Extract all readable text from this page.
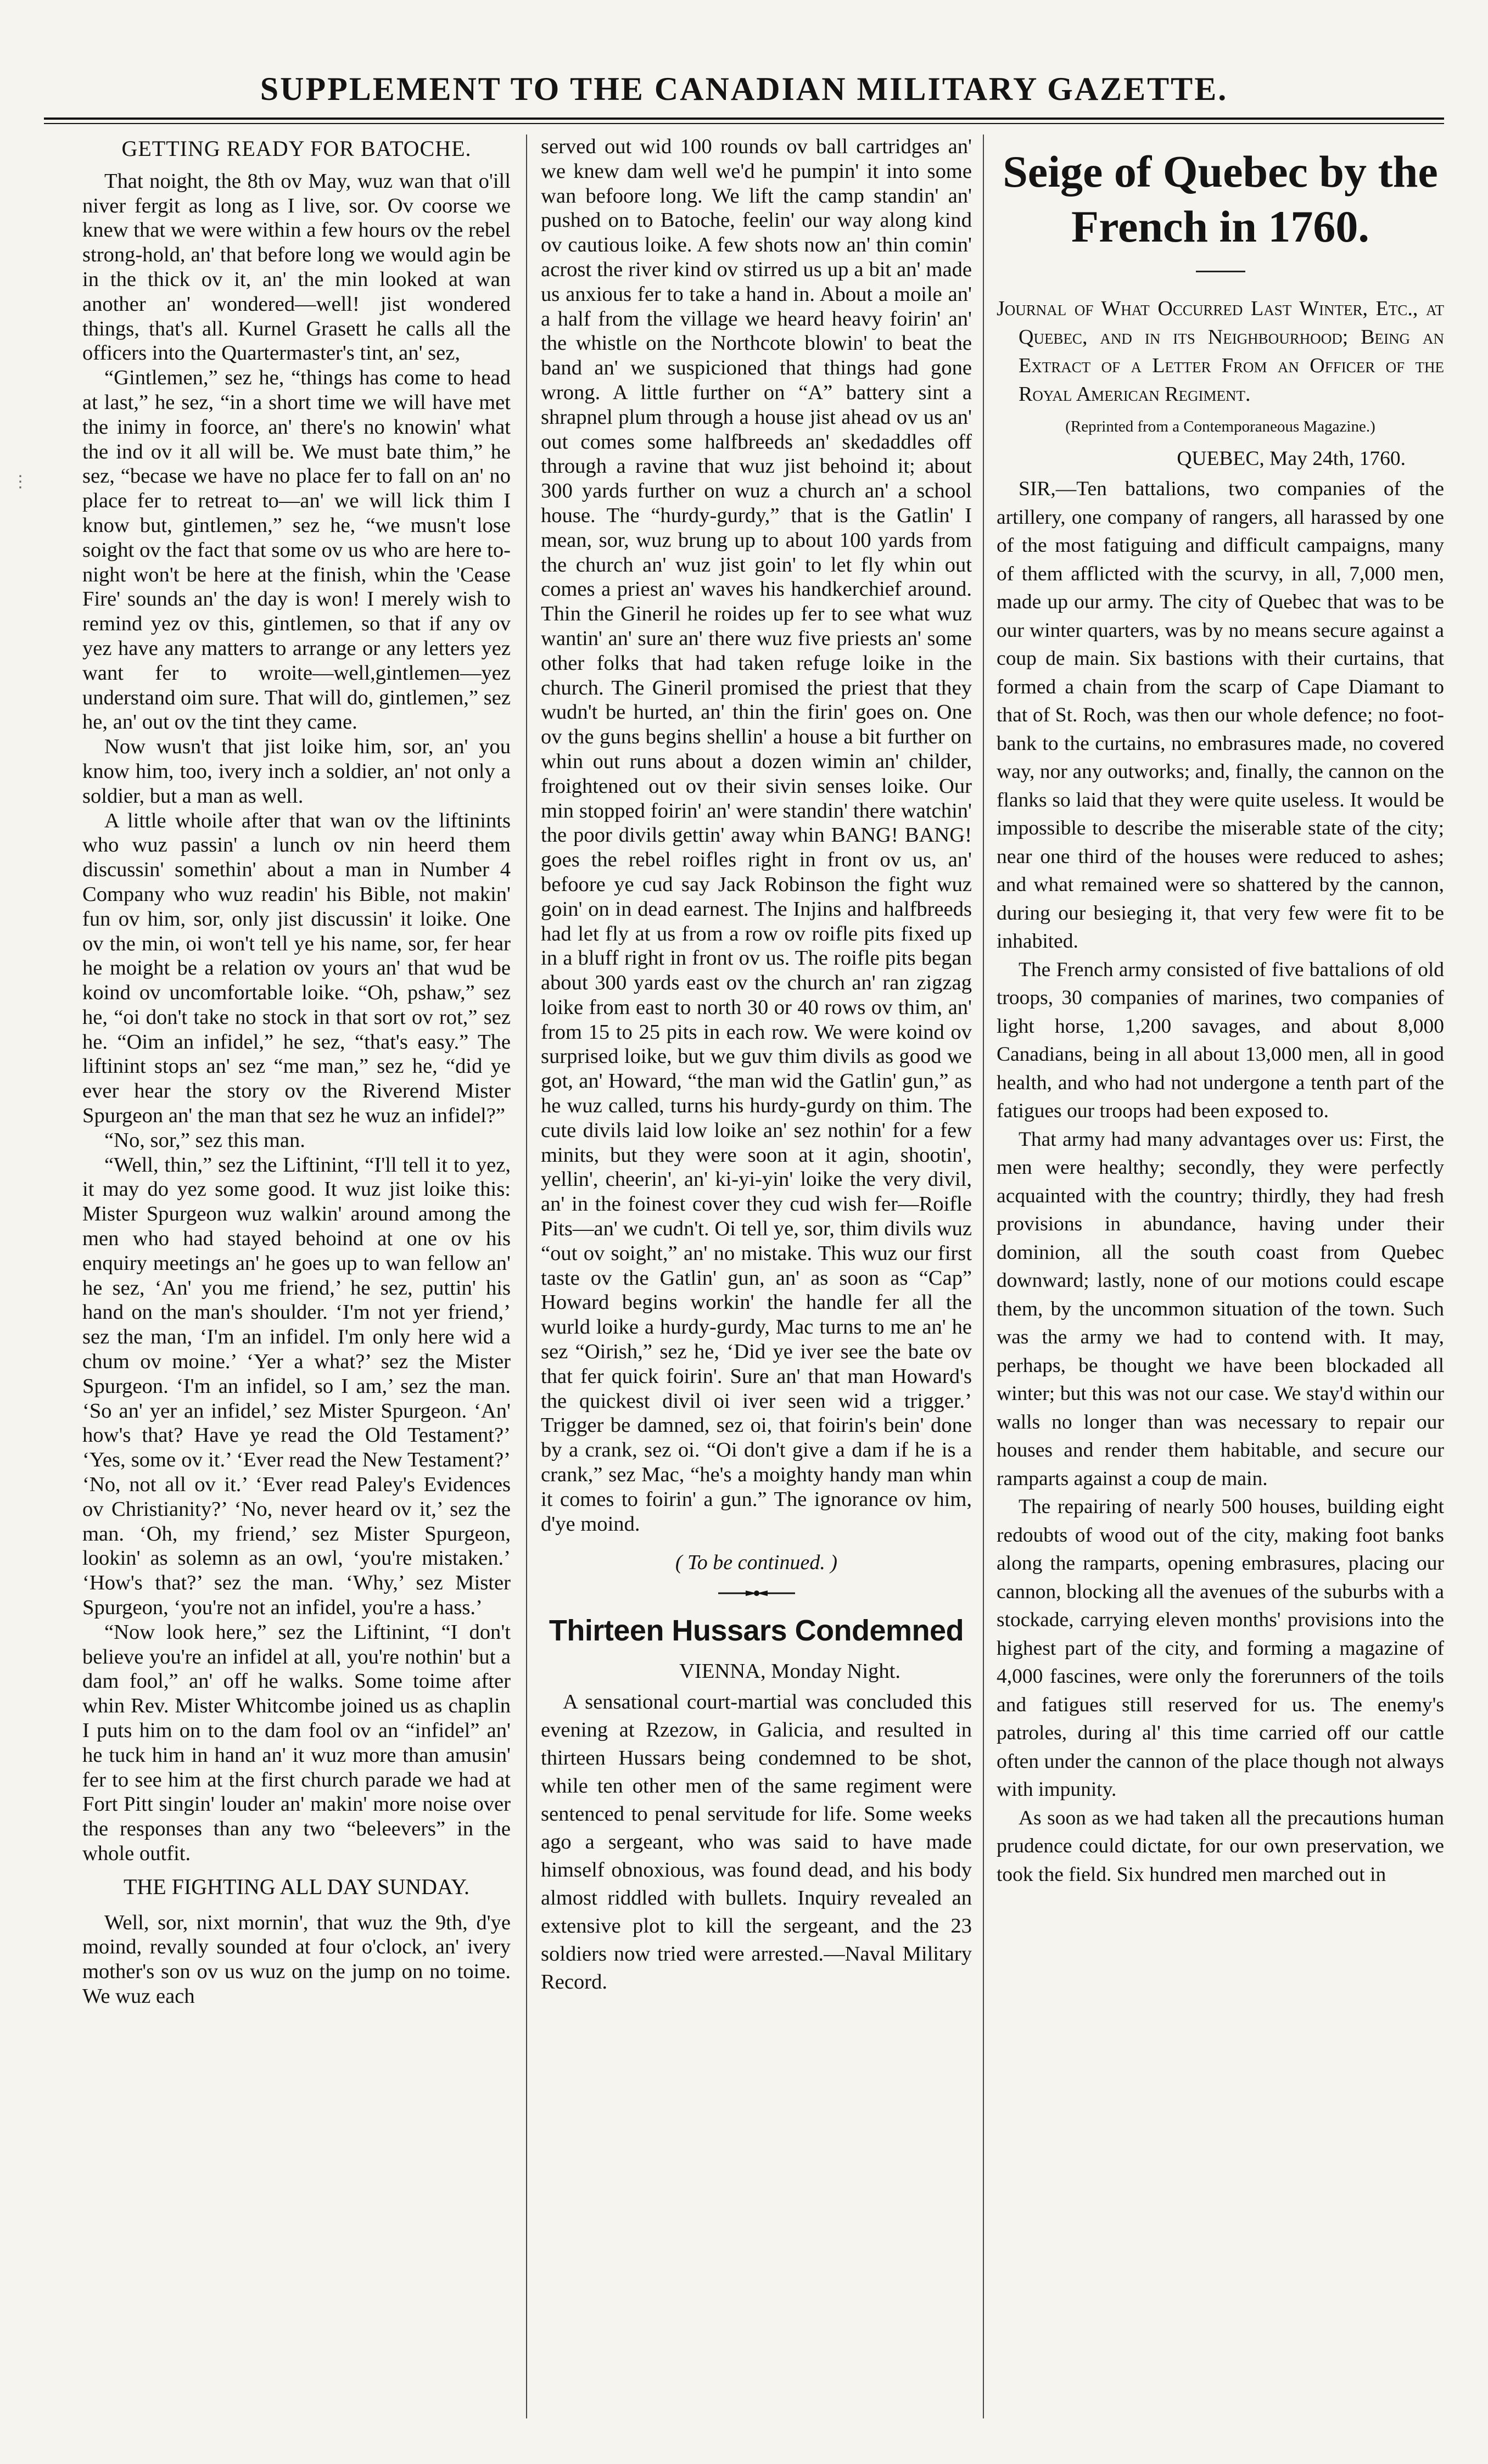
SUPPLEMENT TO THE CANADIAN MILITARY GAZETTE.
⋮
GETTING READY FOR BATOCHE.

That noight, the 8th ov May, wuz wan that o'ill niver fergit as long as I live, sor. Ov coorse we knew that we were within a few hours ov the rebel strong-hold, an' that before long we would agin be in the thick ov it, an' the min looked at wan another an' wondered—well! jist wondered things, that's all. Kurnel Grasett he calls all the officers into the Quartermaster's tint, an' sez,

“Gintlemen,” sez he, “things has come to head at last,” he sez, “in a short time we will have met the inimy in foorce, an' there's no knowin' what the ind ov it all will be. We must bate thim,” he sez, “becase we have no place fer to fall on an' no place fer to retreat to—an' we will lick thim I know but, gintlemen,” sez he, “we musn't lose soight ov the fact that some ov us who are here to-night won't be here at the finish, whin the 'Cease Fire' sounds an' the day is won! I merely wish to remind yez ov this, gintlemen, so that if any ov yez have any matters to arrange or any letters yez want fer to wroite—well,gintlemen—yez understand oim sure. That will do, gintlemen,” sez he, an' out ov the tint they came.

Now wusn't that jist loike him, sor, an' you know him, too, ivery inch a soldier, an' not only a soldier, but a man as well.

A little whoile after that wan ov the liftinints who wuz passin' a lunch ov nin heerd them discussin' somethin' about a man in Number 4 Company who wuz readin' his Bible, not makin' fun ov him, sor, only jist discussin' it loike. One ov the min, oi won't tell ye his name, sor, fer hear he moight be a relation ov yours an' that wud be koind ov uncomfortable loike. “Oh, pshaw,” sez he, “oi don't take no stock in that sort ov rot,” sez he. “Oim an infidel,” he sez, “that's easy.” The liftinint stops an' sez “me man,” sez he, “did ye ever hear the story ov the Riverend Mister Spurgeon an' the man that sez he wuz an infidel?”

“No, sor,” sez this man.

“Well, thin,” sez the Liftinint, “I'll tell it to yez, it may do yez some good. It wuz jist loike this: Mister Spurgeon wuz walkin' around among the men who had stayed behoind at one ov his enquiry meetings an' he goes up to wan fellow an' he sez, ‘An' you me friend,’ he sez, puttin' his hand on the man's shoulder. ‘I'm not yer friend,’ sez the man, ‘I'm an infidel. I'm only here wid a chum ov moine.’ ‘Yer a what?’ sez the Mister Spurgeon. ‘I'm an infidel, so I am,’ sez the man. ‘So an' yer an infidel,’ sez Mister Spurgeon. ‘An' how's that? Have ye read the Old Testament?’ ‘Yes, some ov it.’ ‘Ever read the New Testament?’ ‘No, not all ov it.’ ‘Ever read Paley's Evidences ov Christianity?’ ‘No, never heard ov it,’ sez the man. ‘Oh, my friend,’ sez Mister Spurgeon, lookin' as solemn as an owl, ‘you're mistaken.’ ‘How's that?’ sez the man. ‘Why,’ sez Mister Spurgeon, ‘you're not an infidel, you're a hass.’

“Now look here,” sez the Liftinint, “I don't believe you're an infidel at all, you're nothin' but a dam fool,” an' off he walks. Some toime after whin Rev. Mister Whitcombe joined us as chaplin I puts him on to the dam fool ov an “infidel” an' he tuck him in hand an' it wuz more than amusin' fer to see him at the first church parade we had at Fort Pitt singin' louder an' makin' more noise over the responses than any two “beleevers” in the whole outfit.

THE FIGHTING ALL DAY SUNDAY.

Well, sor, nixt mornin', that wuz the 9th, d'ye moind, revally sounded at four o'clock, an' ivery mother's son ov us wuz on the jump on no toime. We wuz each

served out wid 100 rounds ov ball cartridges an' we knew dam well we'd he pumpin' it into some wan befoore long. We lift the camp standin' an' pushed on to Batoche, feelin' our way along kind ov cautious loike. A few shots now an' thin comin' acrost the river kind ov stirred us up a bit an' made us anxious fer to take a hand in. About a moile an' a half from the village we heard heavy foirin' an' the whistle on the Northcote blowin' to beat the band an' we suspicioned that things had gone wrong. A little further on “A” battery sint a shrapnel plum through a house jist ahead ov us an' out comes some halfbreeds an' skedaddles off through a ravine that wuz jist behoind it; about 300 yards further on wuz a church an' a school house. The “hurdy-gurdy,” that is the Gatlin' I mean, sor, wuz brung up to about 100 yards from the church an' wuz jist goin' to let fly whin out comes a priest an' waves his handkerchief around. Thin the Gineril he roides up fer to see what wuz wantin' an' sure an' there wuz five priests an' some other folks that had taken refuge loike in the church. The Gineril promised the priest that they wudn't be hurted, an' thin the firin' goes on. One ov the guns begins shellin' a house a bit further on whin out runs about a dozen wimin an' childer, froightened out ov their sivin senses loike. Our min stopped foirin' an' were standin' there watchin' the poor divils gettin' away whin BANG! BANG! goes the rebel roifles right in front ov us, an' befoore ye cud say Jack Robinson the fight wuz goin' on in dead earnest. The Injins and halfbreeds had let fly at us from a row ov roifle pits fixed up in a bluff right in front ov us. The roifle pits began about 300 yards east ov the church an' ran zigzag loike from east to north 30 or 40 rows ov thim, an' from 15 to 25 pits in each row. We were koind ov surprised loike, but we guv thim divils as good we got, an' Howard, “the man wid the Gatlin' gun,” as he wuz called, turns his hurdy-gurdy on thim. The cute divils laid low loike an' sez nothin' for a few minits, but they were soon at it agin, shootin', yellin', cheerin', an' ki-yi-yin' loike the very divil, an' in the foinest cover they cud wish fer—Roifle Pits—an' we cudn't. Oi tell ye, sor, thim divils wuz “out ov soight,” an' no mistake. This wuz our first taste ov the Gatlin' gun, an' as soon as “Cap” Howard begins workin' the handle fer all the wurld loike a hurdy-gurdy, Mac turns to me an' he sez “Oirish,” sez he, ‘Did ye iver see the bate ov that fer quick foirin'. Sure an' that man Howard's the quickest divil oi iver seen wid a trigger.’ Trigger be damned, sez oi, that foirin's bein' done by a crank, sez oi. “Oi don't give a dam if he is a crank,” sez Mac, “he's a moighty handy man whin it comes to foirin' a gun.” The ignorance ov him, d'ye moind.

( To be continued. )
Thirteen Hussars Condemned
VIENNA, Monday Night.

A sensational court-martial was concluded this evening at Rzezow, in Galicia, and resulted in thirteen Hussars being condemned to be shot, while ten other men of the same regiment were sentenced to penal servitude for life. Some weeks ago a sergeant, who was said to have made himself obnoxious, was found dead, and his body almost riddled with bullets. Inquiry revealed an extensive plot to kill the sergeant, and the 23 soldiers now tried were arrested.—Naval Military Record.

Seige of Quebec by the French in 1760.
Journal of What Occurred Last Winter, Etc., at Quebec, and in its Neighbourhood; Being an Extract of a Letter From an Officer of the Royal American Regiment.
(Reprinted from a Contemporaneous Magazine.)
QUEBEC, May 24th, 1760.

SIR,—Ten battalions, two companies of the artillery, one company of rangers, all harassed by one of the most fatiguing and difficult campaigns, many of them afflicted with the scurvy, in all, 7,000 men, made up our army. The city of Quebec that was to be our winter quarters, was by no means secure against a coup de main. Six bastions with their curtains, that formed a chain from the scarp of Cape Diamant to that of St. Roch, was then our whole defence; no foot-bank to the curtains, no embrasures made, no covered way, nor any outworks; and, finally, the cannon on the flanks so laid that they were quite useless. It would be impossible to describe the miserable state of the city; near one third of the houses were reduced to ashes; and what remained were so shattered by the cannon, during our besieging it, that very few were fit to be inhabited.

The French army consisted of five battalions of old troops, 30 companies of marines, two companies of light horse, 1,200 savages, and about 8,000 Canadians, being in all about 13,000 men, all in good health, and who had not undergone a tenth part of the fatigues our troops had been exposed to.

That army had many advantages over us: First, the men were healthy; secondly, they were perfectly acquainted with the country; thirdly, they had fresh provisions in abundance, having under their dominion, all the south coast from Quebec downward; lastly, none of our motions could escape them, by the uncommon situation of the town. Such was the army we had to contend with. It may, perhaps, be thought we have been blockaded all winter; but this was not our case. We stay'd within our walls no longer than was necessary to repair our houses and render them habitable, and secure our ramparts against a coup de main.

The repairing of nearly 500 houses, building eight redoubts of wood out of the city, making foot banks along the ramparts, opening embrasures, placing our cannon, blocking all the avenues of the suburbs with a stockade, carrying eleven months' provisions into the highest part of the city, and forming a magazine of 4,000 fascines, were only the forerunners of the toils and fatigues still reserved for us. The enemy's patroles, during al' this time carried off our cattle often under the cannon of the place though not always with impunity.

As soon as we had taken all the precautions human prudence could dictate, for our own preservation, we took the field. Six hundred men marched out in
